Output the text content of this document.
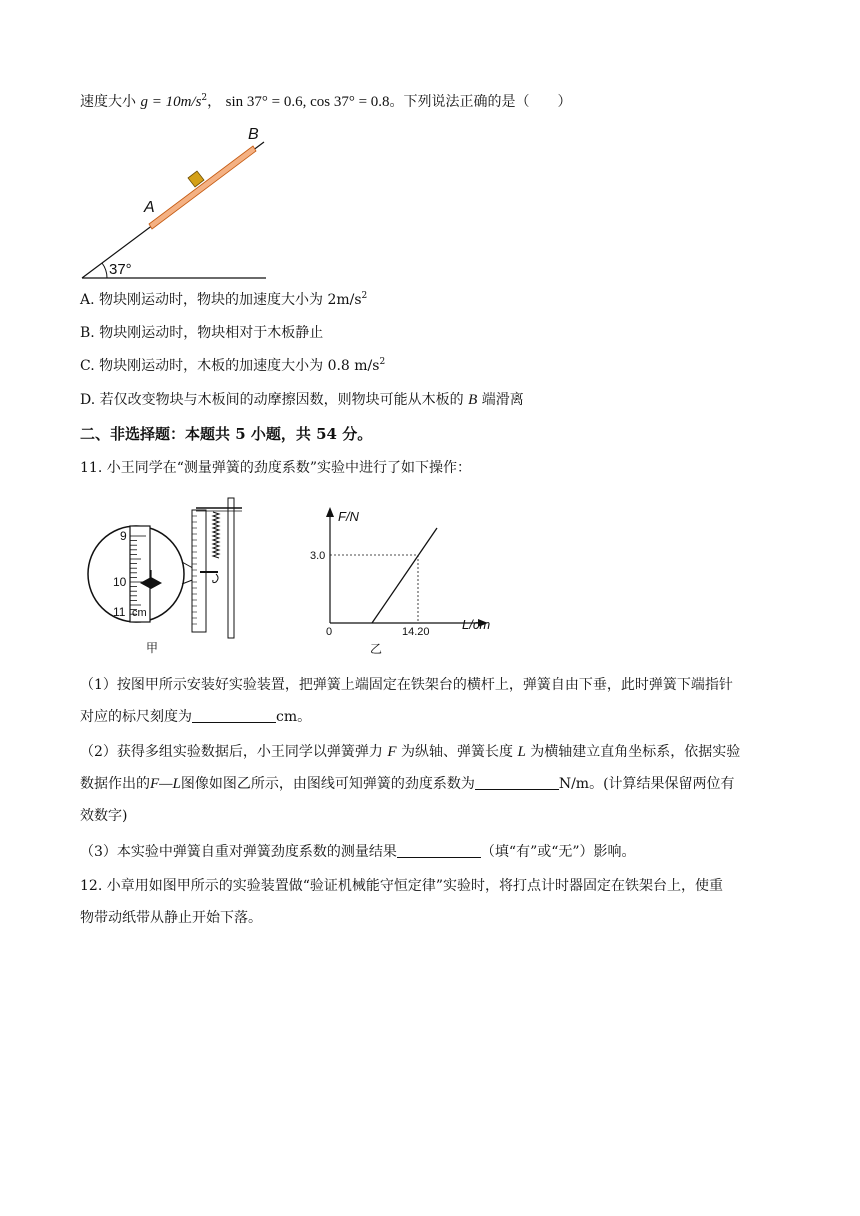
速度大小 $g = 10m/s^2$， sin 37° = 0.6, cos 37° = 0.8。下列说法正确的是（　　）
A
B
37°
A. 物块刚运动时，物块的加速度大小为 $2m/s^2$
B. 物块刚运动时，物块相对于木板静止
C. 物块刚运动时，木板的加速度大小为 0.8 $m/s^2$
D. 若仅改变物块与木板间的动摩擦因数，则物块可能从木板的 B 端滑离
二、非选择题：本题共 5 小题，共 54 分。
11. 小王同学在“测量弹簧的劲度系数”实验中进行了如下操作：
9
10
11 cm
甲
F/N
L/cm
0
3.0
14.20
乙
（1）按图甲所示安装好实验装置，把弹簧上端固定在铁架台的横杆上，弹簧自由下垂，此时弹簧下端指针
对应的标尺刻度为	cm。
（2）获得多组实验数据后，小王同学以弹簧弹力 F 为纵轴、弹簧长度 L 为横轴建立直角坐标系，依据实验
数据作出的F—L图像如图乙所示，由图线可知弹簧的劲度系数为	N/m。(计算结果保留两位有
效数字)
（3）本实验中弹簧自重对弹簧劲度系数的测量结果	（填“有”或“无”）影响。
12. 小章用如图甲所示的实验装置做“验证机械能守恒定律”实验时，将打点计时器固定在铁架台上，使重
物带动纸带从静止开始下落。
